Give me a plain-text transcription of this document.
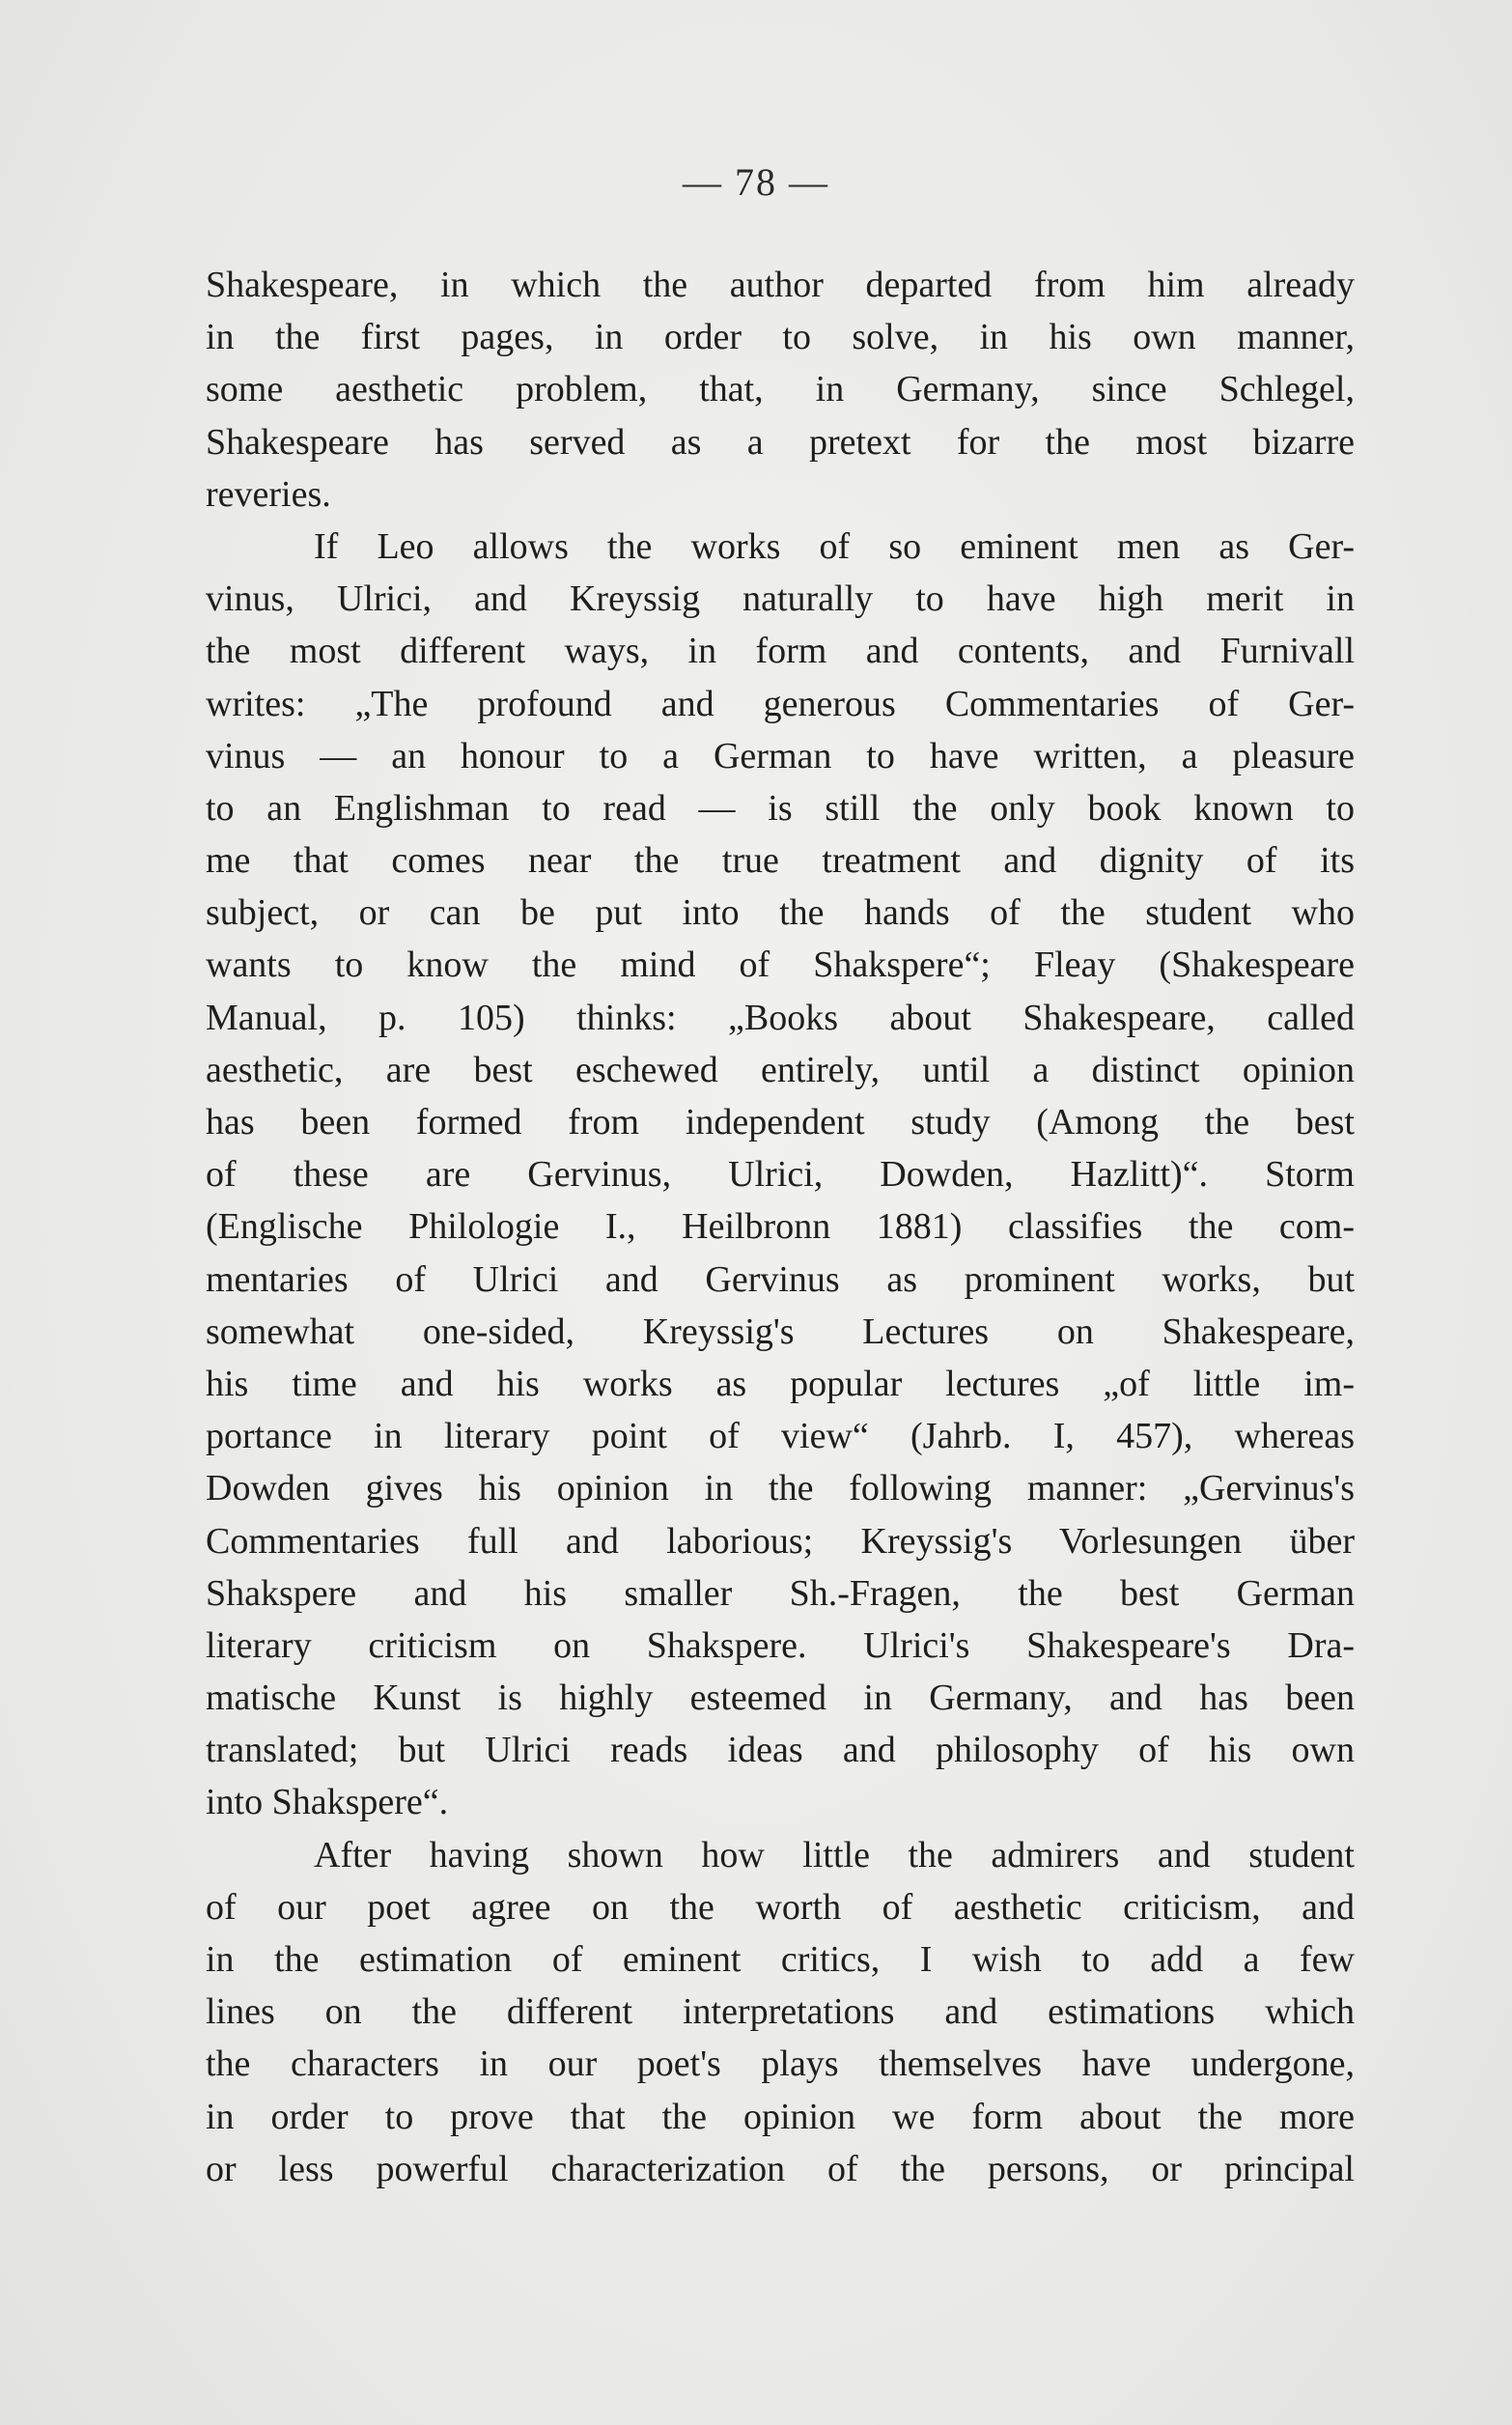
— 78 —
Shakespeare, in which the author departed from him already
in the first pages, in order to solve, in his own manner,
some aesthetic problem, that, in Germany, since Schlegel,
Shakespeare has served as a pretext for the most bizarre
reveries.
If Leo allows the works of so eminent men as Ger-
vinus, Ulrici, and Kreyssig naturally to have high merit in
the most different ways, in form and contents, and Furnivall
writes: „The profound and generous Commentaries of Ger-
vinus — an honour to a German to have written, a pleasure
to an Englishman to read — is still the only book known to
me that comes near the true treatment and dignity of its
subject, or can be put into the hands of the student who
wants to know the mind of Shakspere“; Fleay (Shakespeare
Manual, p. 105) thinks: „Books about Shakespeare, called
aesthetic, are best eschewed entirely, until a distinct opinion
has been formed from independent study (Among the best
of these are Gervinus, Ulrici, Dowden, Hazlitt)“. Storm
(Englische Philologie I., Heilbronn 1881) classifies the com-
mentaries of Ulrici and Gervinus as prominent works, but
somewhat one-sided, Kreyssig's Lectures on Shakespeare,
his time and his works as popular lectures „of little im-
portance in literary point of view“ (Jahrb. I, 457), whereas
Dowden gives his opinion in the following manner: „Gervinus's
Commentaries full and laborious; Kreyssig's Vorlesungen über
Shakspere and his smaller Sh.-Fragen, the best German
literary criticism on Shakspere. Ulrici's Shakespeare's Dra-
matische Kunst is highly esteemed in Germany, and has been
translated; but Ulrici reads ideas and philosophy of his own
into Shakspere“.
After having shown how little the admirers and student
of our poet agree on the worth of aesthetic criticism, and
in the estimation of eminent critics, I wish to add a few
lines on the different interpretations and estimations which
the characters in our poet's plays themselves have undergone,
in order to prove that the opinion we form about the more
or less powerful characterization of the persons, or principal
